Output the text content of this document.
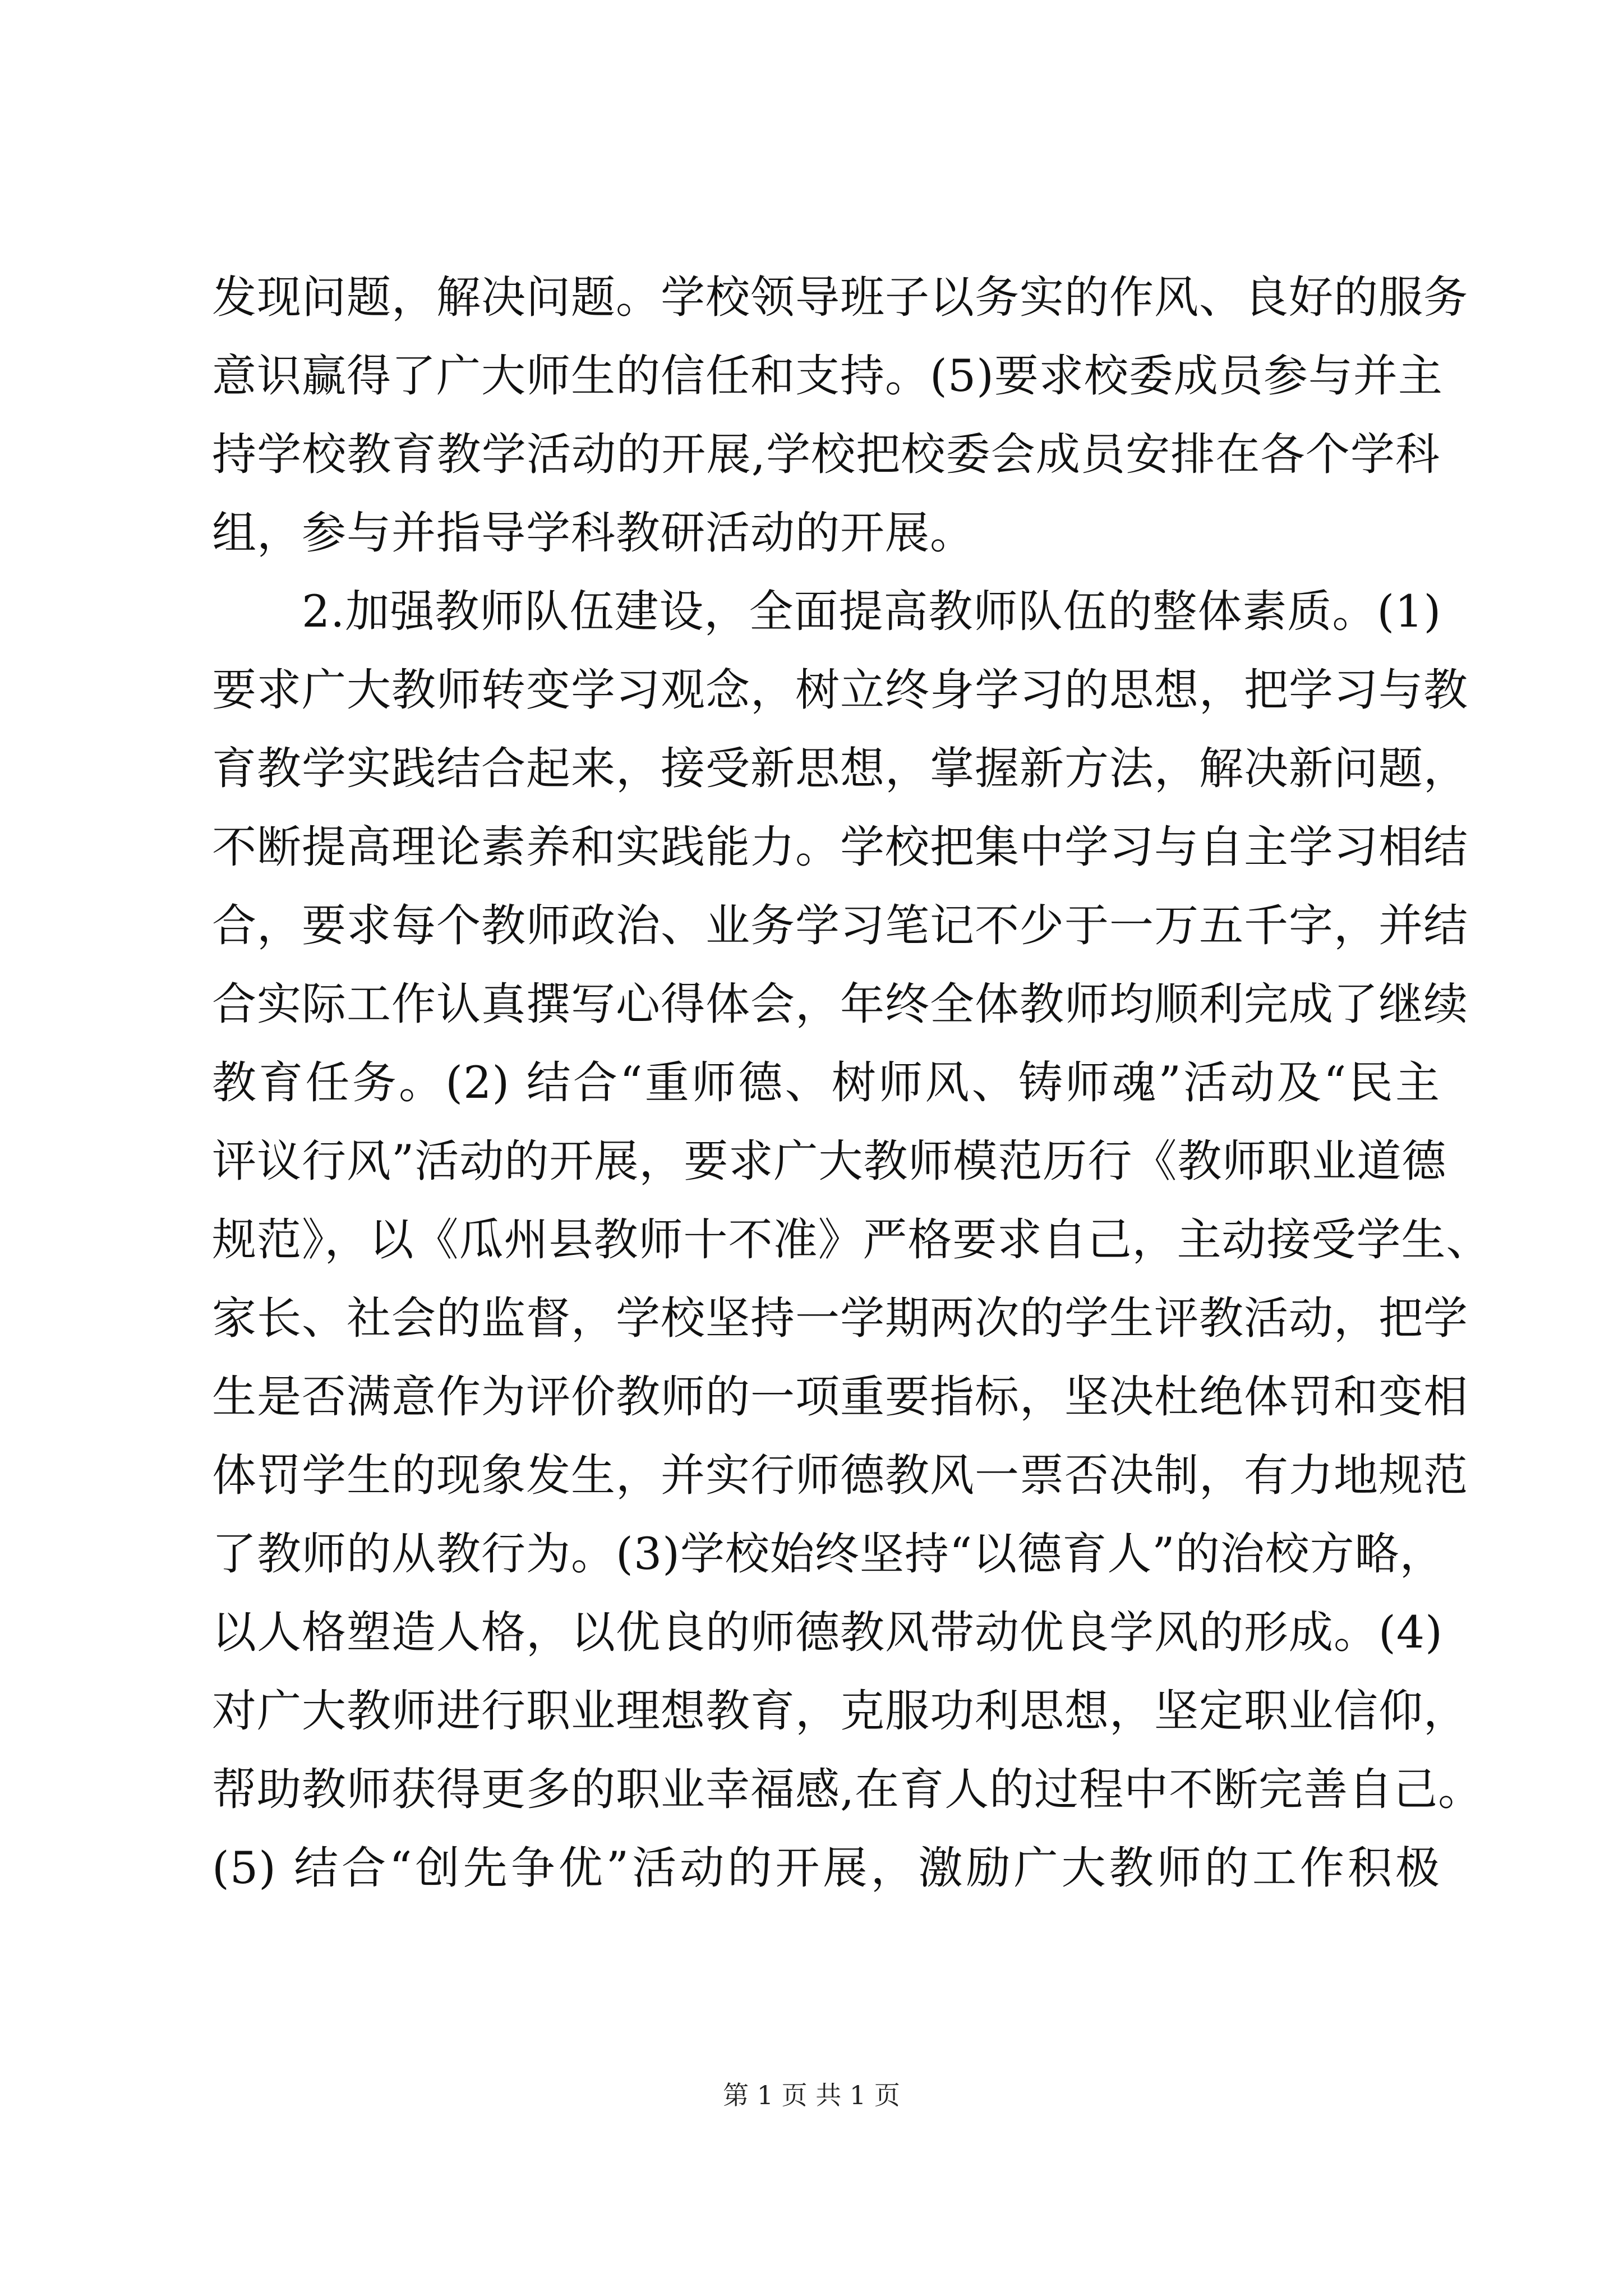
发现问题，解决问题。学校领导班子以务实的作风、良好的服务
意识赢得了广大师生的信任和支持。(5)要求校委成员参与并主
持学校教育教学活动的开展,学校把校委会成员安排在各个学科
组，参与并指导学科教研活动的开展。
2.加强教师队伍建设，全面提高教师队伍的整体素质。(1)
要求广大教师转变学习观念，树立终身学习的思想，把学习与教
育教学实践结合起来，接受新思想，掌握新方法，解决新问题，
不断提高理论素养和实践能力。学校把集中学习与自主学习相结
合，要求每个教师政治、业务学习笔记不少于一万五千字，并结
合实际工作认真撰写心得体会，年终全体教师均顺利完成了继续
教育任务。(2) 结合“重师德、树师风、铸师魂”活动及“民主
评议行风”活动的开展，要求广大教师模范历行《教师职业道德
规范》，以《瓜州县教师十不准》严格要求自己，主动接受学生、
家长、社会的监督，学校坚持一学期两次的学生评教活动，把学
生是否满意作为评价教师的一项重要指标，坚决杜绝体罚和变相
体罚学生的现象发生，并实行师德教风一票否决制，有力地规范
了教师的从教行为。(3)学校始终坚持“以德育人”的治校方略，
以人格塑造人格，以优良的师德教风带动优良学风的形成。(4)
对广大教师进行职业理想教育，克服功利思想，坚定职业信仰，
帮助教师获得更多的职业幸福感,在育人的过程中不断完善自己。
(5) 结合“创先争优”活动的开展，激励广大教师的工作积极
第 1 页 共 1 页
